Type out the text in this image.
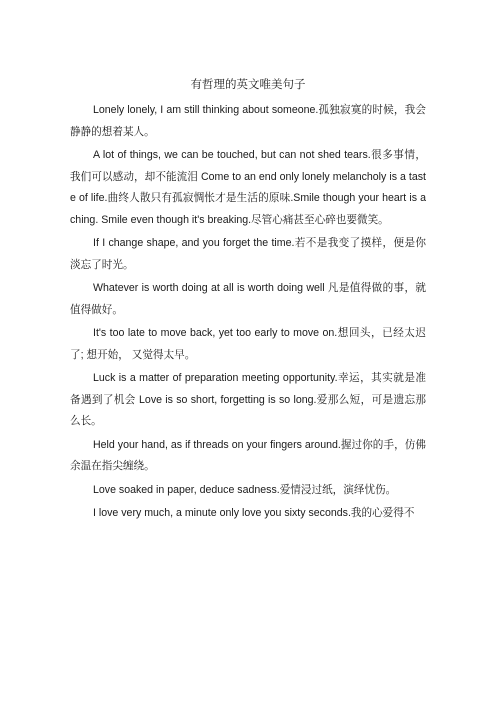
有哲理的英文唯美句子

Lonely lonely, I am still thinking about someone.孤独寂寞的时候，我会静静的想着某人。

A lot of things, we can be touched, but can not shed tears.很多事情，我们可以感动，却不能流泪 Come to an end only lonely melancholy is a taste of life.曲终人散只有孤寂惆怅才是生活的原味.Smile though your heart is aching. Smile even though it's breaking.尽管心痛甚至心碎也要微笑。

If I change shape, and you forget the time.若不是我变了摸样，便是你淡忘了时光。

Whatever is worth doing at all is worth doing well 凡是值得做的事，就值得做好。

It's too late to move back, yet too early to move on.想回头，已经太迟了; 想开始， 又觉得太早。

Luck is a matter of preparation meeting opportunity.幸运，其实就是准备遇到了机会 Love is so short, forgetting is so long.爱那么短，可是遗忘那么长。

Held your hand, as if threads on your fingers around.握过你的手，仿佛余温在指尖缠绕。

Love soaked in paper, deduce sadness.爱情浸过纸，演绎忧伤。

I love very much, a minute only love you sixty seconds.我的心爱得不
